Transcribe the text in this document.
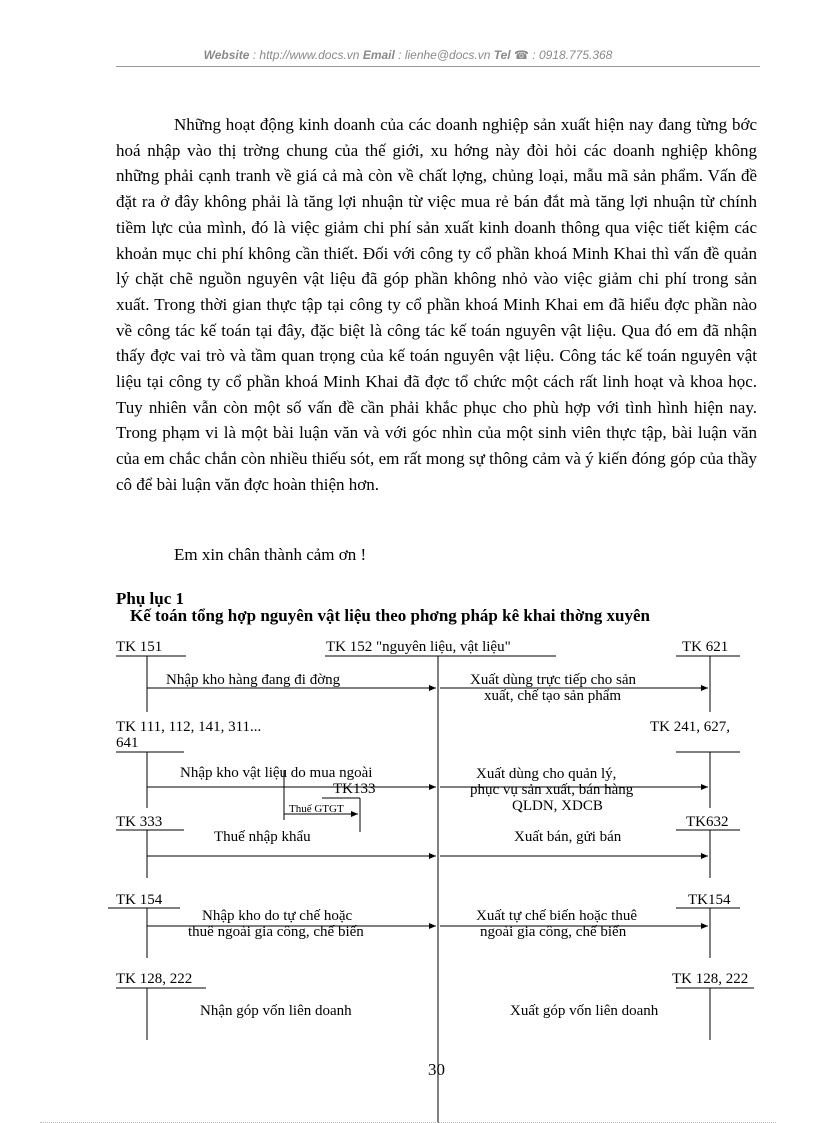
Website : http://www.docs.vn Email : lienhe@docs.vn Tel ☎ : 0918.775.368

Những hoạt động kinh doanh của các doanh nghiệp sản xuất hiện nay đang từng bớc hoá nhập vào thị trờng chung của thế giới, xu hớng này đòi hỏi các doanh nghiệp không những phải cạnh tranh về giá cả mà còn về chất lợng, chủng loại, mẫu mã sản phẩm. Vấn đề đặt ra ở đây không phải là tăng lợi nhuận từ việc mua rẻ bán đắt mà tăng lợi nhuận từ chính tiềm lực của mình, đó là việc giảm chi phí sản xuất kinh doanh thông qua việc tiết kiệm các khoản mục chi phí không cần thiết. Đối với công ty cổ phần khoá Minh Khai thì vấn đề quản lý chặt chẽ nguồn nguyên vật liệu đã góp phần không nhỏ vào việc giảm chi phí trong sản xuất. Trong thời gian thực tập tại công ty cổ phần khoá Minh Khai em đã hiểu đợc phần nào về công tác kế toán tại đây, đặc biệt là công tác kế toán nguyên vật liệu. Qua đó em đã nhận thấy đợc vai trò và tầm quan trọng của kế toán nguyên vật liệu. Công tác kế toán nguyên vật liệu tại công ty cổ phần khoá Minh Khai đã đợc tổ chức một cách rất linh hoạt và khoa học. Tuy nhiên vẫn còn một số vấn đề cần phải khắc phục cho phù hợp với tình hình hiện nay. Trong phạm vi là một bài luận văn và với góc nhìn của một sinh viên thực tập, bài luận văn của em chắc chắn còn nhiều thiếu sót, em rất mong sự thông cảm và ý kiến đóng góp của thầy cô để bài luận văn đợc hoàn thiện hơn.

Em xin chân thành cảm ơn !
Phụ lục 1
Kế toán tổng hợp nguyên vật liệu theo phơng pháp kê khai thờng xuyên
TK 151	TK 152 "nguyên liệu, vật liệu"	TK 621
TK 111, 112, 141, 311...
641
TK 241, 627,
TK133
TK 333	TK632
TK 154	TK154
TK 128, 222	TK 128, 222
Nhập kho hàng đang đi đờng	Xuất dùng trực tiếp cho sản
xuất, chế tạo sản phẩm
Nhập kho vật liệu do mua ngoài
Thuế GTGT
Xuất dùng cho quản lý,
phục vụ sản xuất, bán hàng
QLDN, XDCB
Thuế nhập khẩu	Xuất bán, gửi bán
Nhập kho do tự chế hoặc
thuê ngoài gia công, chế biến
Xuất tự chế biến hoặc thuê
ngoài gia công, chế biến
Nhận góp vốn liên doanh	Xuất góp vốn liên doanh
30
